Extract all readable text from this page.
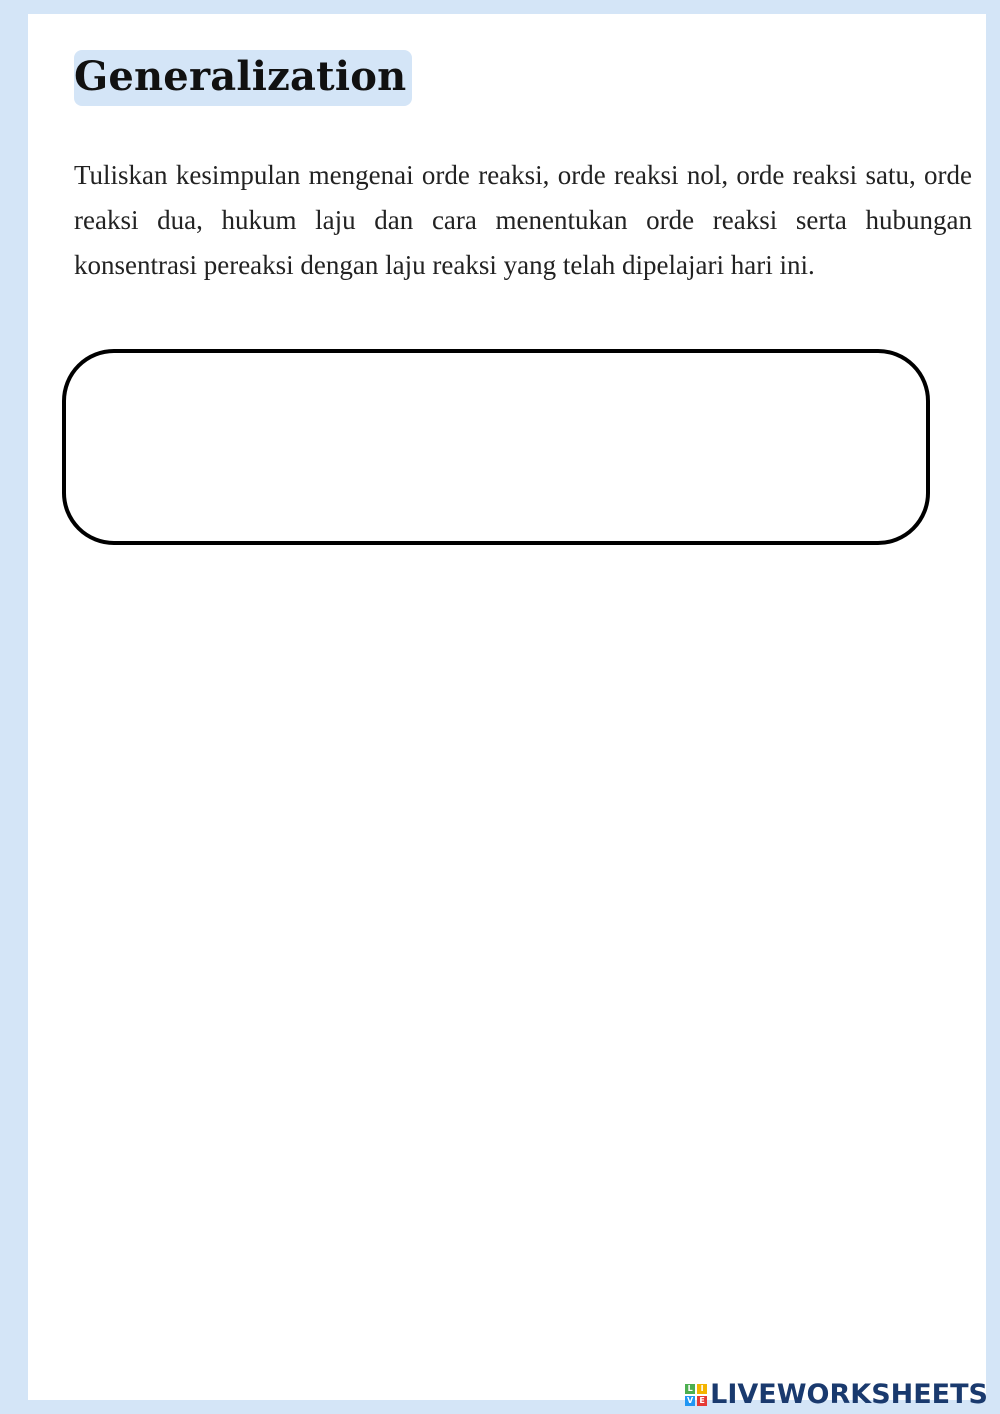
Generalization

Tuliskan kesimpulan mengenai orde reaksi, orde reaksi nol, orde reaksi satu, orde reaksi dua, hukum laju dan cara menentukan orde reaksi serta hubungan konsentrasi pereaksi dengan laju reaksi yang telah dipelajari hari ini.

L I
V E LIVEWORKSHEETS
